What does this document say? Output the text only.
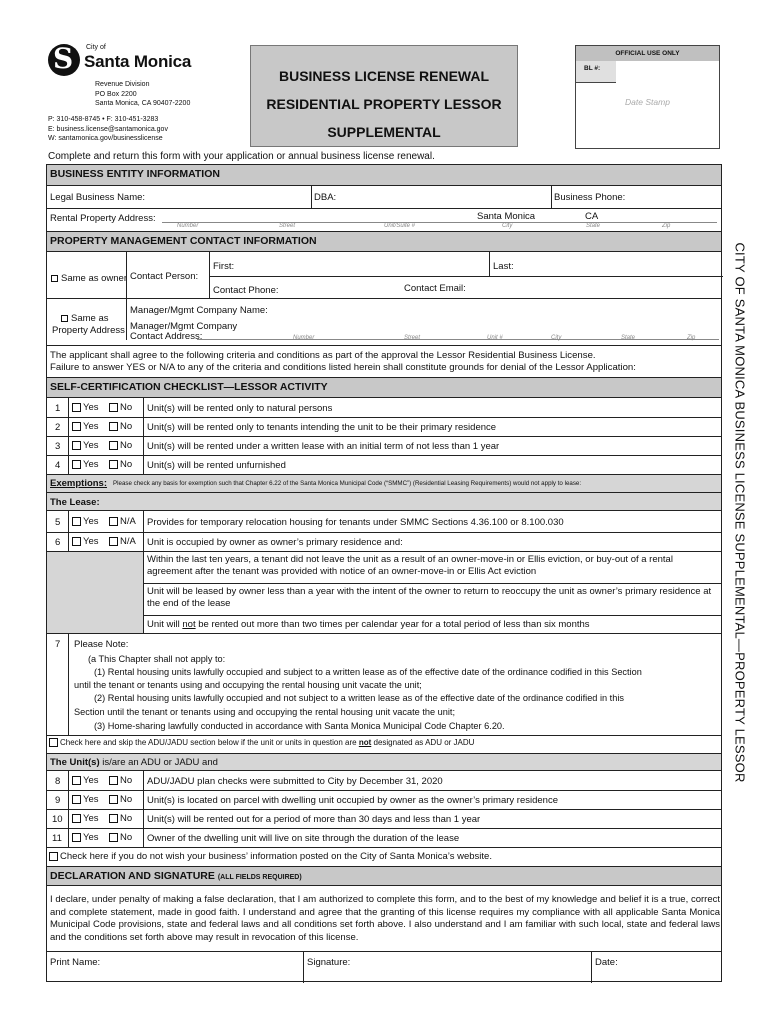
S City of
Santa Monica
Revenue Division
PO Box 2200
Santa Monica, CA 90407-2200
P: 310-458-8745 • F: 310-451-3283
E: business.license@santamonica.gov
W: santamonica.gov/businesslicense
BUSINESS LICENSE RENEWAL
RESIDENTIAL PROPERTY LESSOR
SUPPLEMENTAL
OFFICIAL USE ONLY
BL #:
Date Stamp
Complete and return this form with your application or annual business license renewal.
BUSINESS ENTITY INFORMATION
Legal Business Name:	DBA:	Business Phone:
Rental Property Address:	Santa Monica	CA
Number	Street	Unit/Suite #	City	State	Zip
PROPERTY MANAGEMENT CONTACT INFORMATION
Same as owner Contact Person:
First:	Last:
Contact Phone:	Contact Email:
Same as
Property Address
Manager/Mgmt Company Name:
Manager/Mgmt Company
Contact Address:	Number	Street	Unit #	City	State	Zip
The applicant shall agree to the following criteria and conditions as part of the approval the Lessor Residential Business License.
Failure to answer YES or N/A to any of the criteria and conditions listed herein shall constitute grounds for denial of the Lessor Application:
SELF-CERTIFICATION CHECKLIST—LESSOR ACTIVITY
1	Yes	No Unit(s) will be rented only to natural persons
2	Yes	No Unit(s) will be rented only to tenants intending the unit to be their primary residence
3	Yes	No Unit(s) will be rented under a written lease with an initial term of not less than 1 year
4	Yes	No Unit(s) will be rented unfurnished
Exemptions: Please check any basis for exemption such that Chapter 6.22 of the Santa Monica Municipal Code (“SMMC”) (Residential Leasing Requirements) would not apply to lease:
The Lease:
5	Yes	N/A Provides for temporary relocation housing for tenants under SMMC Sections 4.36.100 or 8.100.030
6	Yes	N/A Unit is occupied by owner as owner’s primary residence and:
Within the last ten years, a tenant did not leave the unit as a result of an owner-move-in or Ellis eviction, or buy-out of a rental agreement after the tenant was provided with notice of an owner-move-in or Ellis Act eviction
Unit will be leased by owner less than a year with the intent of the owner to return to reoccupy the unit as owner’s primary residence at the end of the lease
Unit will not be rented out more than two times per calendar year for a total period of less than six months
7 Please Note:
(a This Chapter shall not apply to:
(1) Rental housing units lawfully occupied and subject to a written lease as of the effective date of the ordinance codified in this Section
until the tenant or tenants using and occupying the rental housing unit vacate the unit;
(2) Rental housing units lawfully occupied and not subject to a written lease as of the effective date of the ordinance codified in this
Section until the tenant or tenants using and occupying the rental housing unit vacate the unit;
(3) Home-sharing lawfully conducted in accordance with Santa Monica Municipal Code Chapter 6.20.
Check here and skip the ADU/JADU section below if the unit or units in question are not designated as ADU or JADU
The Unit(s) is/are an ADU or JADU and
8	Yes	No ADU/JADU plan checks were submitted to City by December 31, 2020
9	Yes	No Unit(s) is located on parcel with dwelling unit occupied by owner as the owner’s primary residence
10	Yes	No Unit(s) will be rented out for a period of more than 30 days and less than 1 year
11	Yes	No Owner of the dwelling unit will live on site through the duration of the lease
Check here if you do not wish your business’ information posted on the City of Santa Monica’s website.
DECLARATION AND SIGNATURE (ALL FIELDS REQUIRED)
I declare, under penalty of making a false declaration, that I am authorized to complete this form, and to the best of my knowledge and belief it is a true, correct and complete statement, made in good faith. I understand and agree that the granting of this license requires my compliance with all applicable Santa Monica Municipal Code provisions, state and federal laws and all conditions set forth above. I also understand and I am familiar with such local, state and federal laws and the conditions set forth above may result in revocation of this license.
Print Name:	Signature:	Date:
CITY OF SANTA MONICA BUSINESS LICENSE SUPPLEMENTAL—PROPERTY LESSOR
